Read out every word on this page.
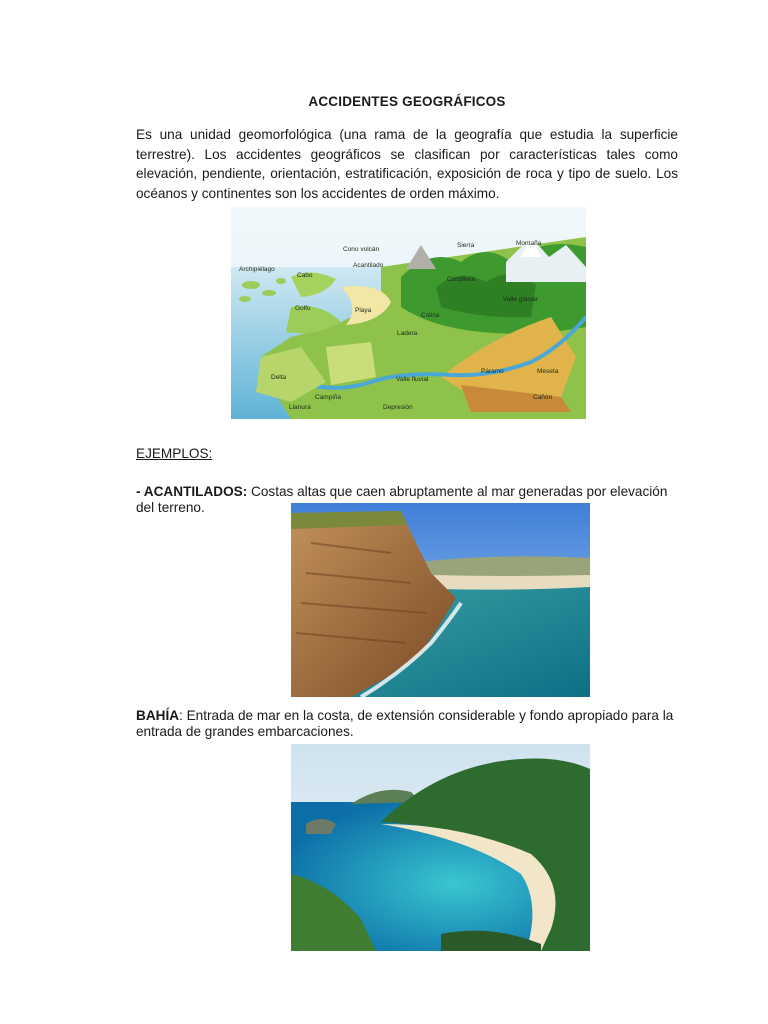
ACCIDENTES GEOGRÁFICOS
Es una unidad geomorfológica (una rama de la geografía que estudia la superficie terrestre). Los accidentes geográficos se clasifican por características tales como elevación, pendiente, orientación, estratificación, exposición de roca y tipo de suelo. Los océanos y continentes son los accidentes de orden máximo.
Cono volcán
Sierra	Montaña
Archipiélago
Cabo
Acantilado
Cordillera
Valle glaciar
Golfo	Playa
Colina
Ladera
Delta	Valle fluvial
Páramo	Meseta
Campiña	Cañón
Llanura	Depresión
EJEMPLOS:
- ACANTILADOS: Costas altas que caen abruptamente al mar generadas por elevación del terreno.
BAHÍA: Entrada de mar en la costa, de extensión considerable y fondo apropiado para la entrada de grandes embarcaciones.
